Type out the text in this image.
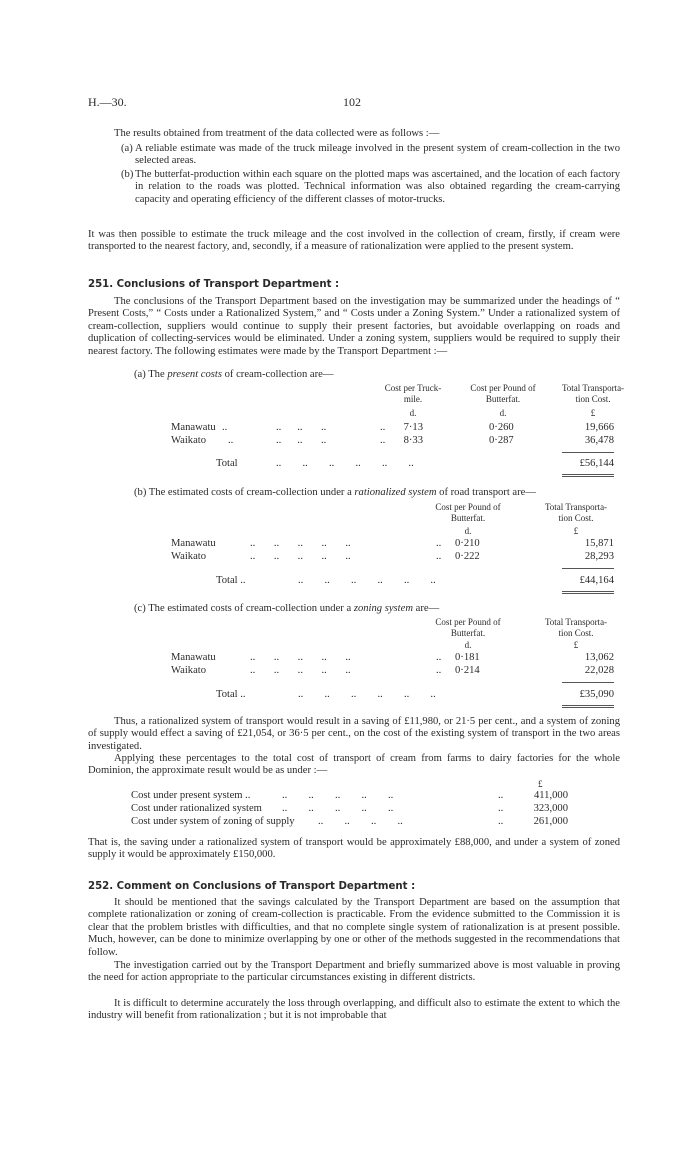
H.—30.	102

The results obtained from treatment of the data collected were as follows :—

(a) A reliable estimate was made of the truck mileage involved in the present system of cream-collection in the two selected areas.
(b) The butterfat-production within each square on the plotted maps was ascertained, and the location of each factory in relation to the roads was plotted. Technical information was also obtained regarding the cream-carrying capacity and operating efficiency of the different classes of motor-trucks.

It was then possible to estimate the truck mileage and the cost involved in the collection of cream, firstly, if cream were transported to the nearest factory, and, secondly, if a measure of rationalization were applied to the present system.

251. Conclusions of Transport Department :

The conclusions of the Transport Department based on the investigation may be summarized under the headings of “ Present Costs,” “ Costs under a Rationalized System,” and “ Costs under a Zoning System.” Under a rationalized system of cream-collection, suppliers would continue to supply their present factories, but avoidable overlapping on roads and duplication of collecting-services would be eliminated. Under a zoning system, suppliers would be required to supply their nearest factory. The following estimates were made by the Transport Department :—

(a) The present costs of cream-collection are—
Cost per Truck-mile.
Cost per Pound of Butterfat.
Total Transporta-tion Cost.
d.	d.	£
Manawatu ..	..      ..       ..	..	7·13	0·260	19,666
Waikato ..	..      ..       ..	..	8·33	0·287	36,478
Total	..        ..        ..        ..        ..        ..	£56,144
(b) The estimated costs of cream-collection under a rationalized system of road transport are—
Cost per Pound of Butterfat.
Total Transporta-tion Cost.
d.	£
Manawatu	..       ..       ..       ..       ..	.. 0·210	15,871
Waikato	..       ..       ..       ..       ..	.. 0·222	28,293
Total ..	..        ..        ..        ..        ..        ..	£44,164
(c) The estimated costs of cream-collection under a zoning system are—
Cost per Pound of Butterfat.
Total Transporta-tion Cost.
d.	£
Manawatu	..       ..       ..       ..       ..	.. 0·181	13,062
Waikato	..       ..       ..       ..       ..	.. 0·214	22,028
Total ..	..        ..        ..        ..        ..        ..	£35,090

Thus, a rationalized system of transport would result in a saving of £11,980, or 21·5 per cent., and a system of zoning of supply would effect a saving of £21,054, or 36·5 per cent., on the cost of the existing system of transport in the two areas investigated.

Applying these percentages to the total cost of transport of cream from farms to dairy factories for the whole Dominion, the approximate result would be as under :—

£
Cost under present system ..	..        ..        ..        ..        ..	..	411,000
Cost under rationalized system ..        ..        ..        ..        ..	..	323,000
Cost under system of zoning of supply ..        ..        ..        ..	..	261,000

That is, the saving under a rationalized system of transport would be approximately £88,000, and under a system of zoned supply it would be approximately £150,000.

252. Comment on Conclusions of Transport Department :

It should be mentioned that the savings calculated by the Transport Department are based on the assumption that complete rationalization or zoning of cream-collection is practicable. From the evidence submitted to the Commission it is clear that the problem bristles with difficulties, and that no complete single system of rationalization is at present possible. Much, however, can be done to minimize overlapping by one or other of the methods suggested in the recommendations that follow.

The investigation carried out by the Transport Department and briefly summarized above is most valuable in proving the need for action appropriate to the particular circumstances existing in different districts.

It is difficult to determine accurately the loss through overlapping, and difficult also to estimate the extent to which the industry will benefit from rationalization ; but it is not improbable that
